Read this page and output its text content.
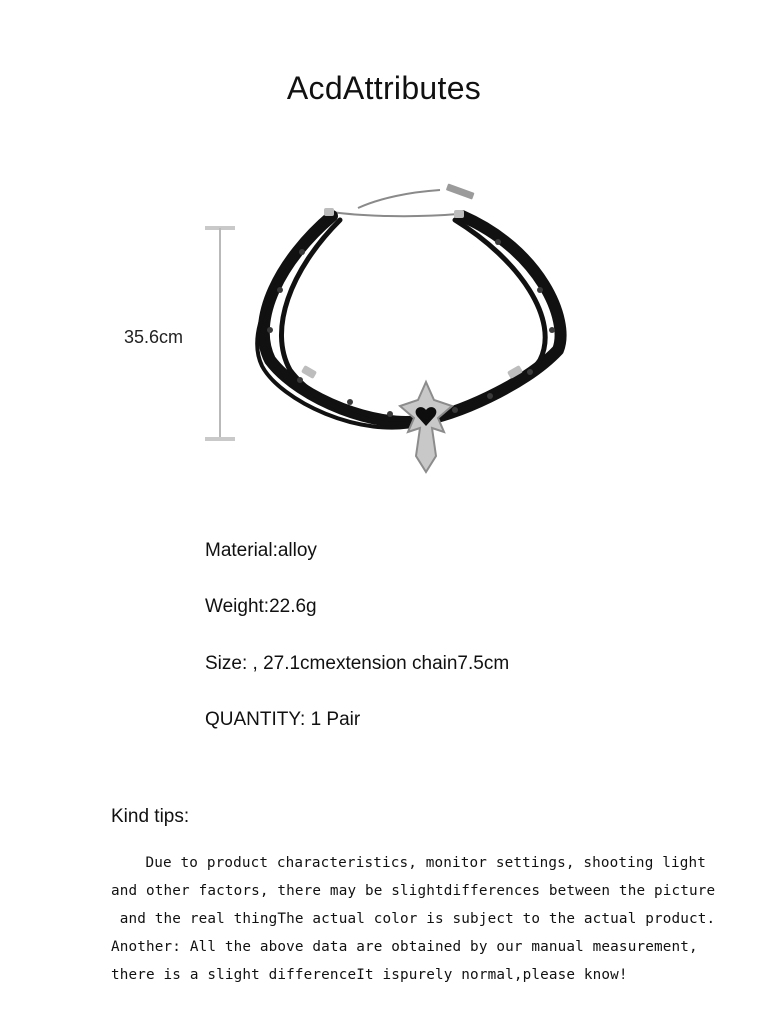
AcdAttributes
35.6cm
Material:alloy
Weight:22.6g
Size: , 27.1cmextension chain7.5cm
QUANTITY: 1 Pair
Kind tips:
Due to product characteristics, monitor settings, shooting light
and other factors, there may be slightdifferences between the picture
and the real thingThe actual color is subject to the actual product.
Another: All the above data are obtained by our manual measurement,
there is a slight differenceIt ispurely normal,please know!
